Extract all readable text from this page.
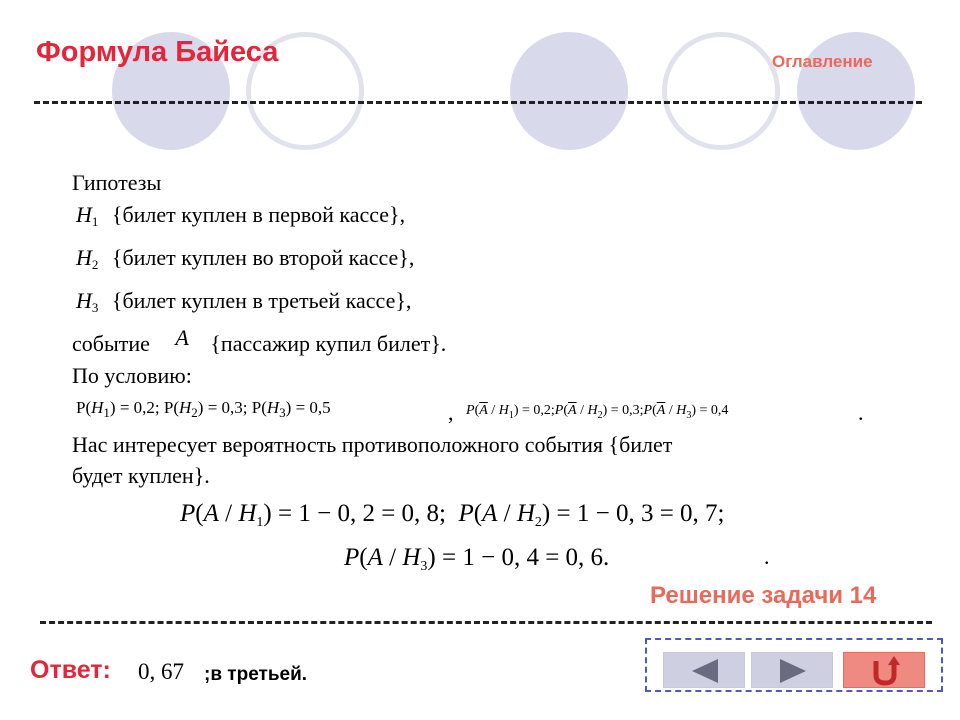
Формула Байеса	Оглавление
Гипотезы
$H_1$ {билет куплен в первой кассе},
$H_2$ {билет куплен во второй кассе},
$H_3$ {билет куплен в третьей кассе},
событие A {пассажир купил билет}.
По условию:
$P(H_1) = 0,2$; $P(H_2) = 0,3$; $P(H_3) = 0,5$	, $P(\overline{A} / H_1)$ = $0,2;P(\overline{A} / H_2)$ = $0,3;P(\overline{A} / H_3) = 0,4$	.
Нас интересует вероятность противоположного события {билет
будет куплен}.
$P(A / H_1) = 1 - 0$, 2 = 0, 8; $P(A / H_2) = 1 - 0$, 3 = 0, 7;
$P(A / H_3) = 1 - 0$, 4 = 0, 6.	.
Решение задачи 14
Ответ: 0, 67 ;в третьей.
